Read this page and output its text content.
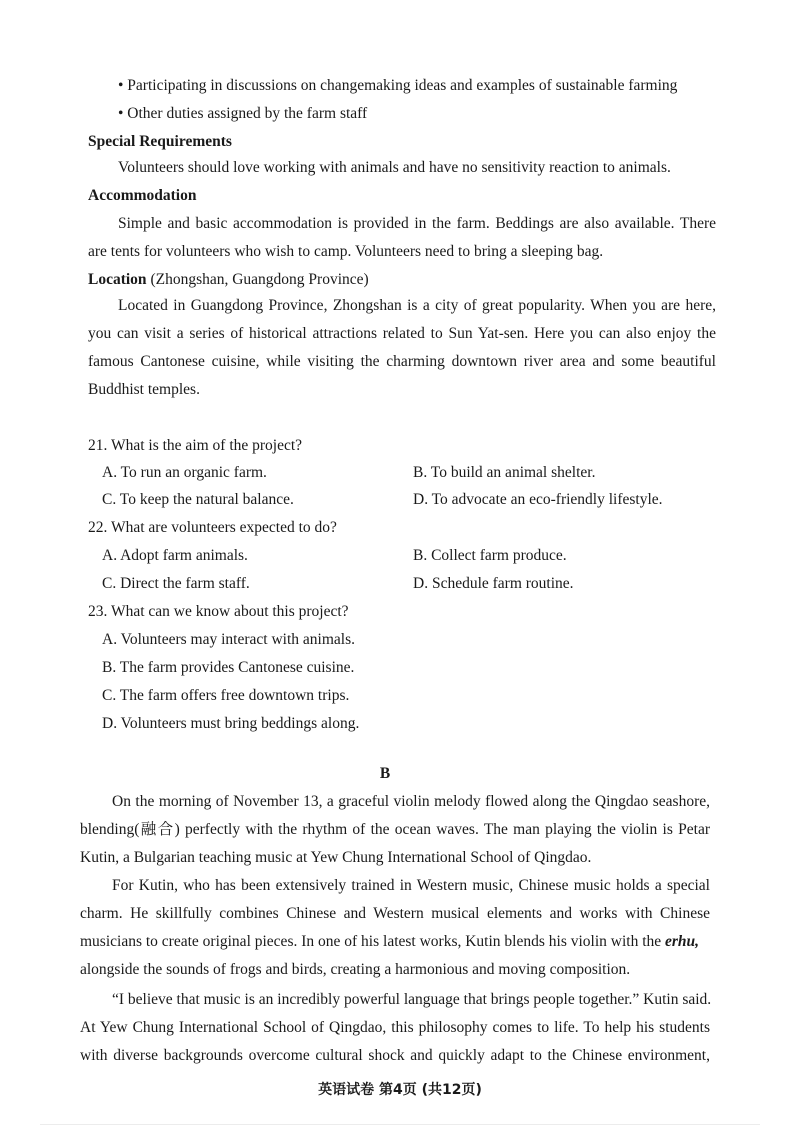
• Participating in discussions on changemaking ideas and examples of sustainable farming
• Other duties assigned by the farm staff
Special Requirements
Volunteers should love working with animals and have no sensitivity reaction to animals.
Accommodation
Simple and basic accommodation is provided in the farm. Beddings are also available. There
are tents for volunteers who wish to camp. Volunteers need to bring a sleeping bag.
Location (Zhongshan, Guangdong Province)
Located in Guangdong Province, Zhongshan is a city of great popularity. When you are here,
you can visit a series of historical attractions related to Sun Yat-sen. Here you can also enjoy the
famous Cantonese cuisine, while visiting the charming downtown river area and some beautiful
Buddhist temples.
21. What is the aim of the project?
A. To run an organic farm.	B. To build an animal shelter.
C. To keep the natural balance.	D. To advocate an eco-friendly lifestyle.
22. What are volunteers expected to do?
A. Adopt farm animals.	B. Collect farm produce.
C. Direct the farm staff.	D. Schedule farm routine.
23. What can we know about this project?
A. Volunteers may interact with animals.
B. The farm provides Cantonese cuisine.
C. The farm offers free downtown trips.
D. Volunteers must bring beddings along.
B
On the morning of November 13, a graceful violin melody flowed along the Qingdao seashore,
blending(融合) perfectly with the rhythm of the ocean waves. The man playing the violin is Petar
Kutin, a Bulgarian teaching music at Yew Chung International School of Qingdao.
For Kutin, who has been extensively trained in Western music, Chinese music holds a special
charm. He skillfully combines Chinese and Western musical elements and works with Chinese
musicians to create original pieces. In one of his latest works, Kutin blends his violin with the erhu,
alongside the sounds of frogs and birds, creating a harmonious and moving composition.
“I believe that music is an incredibly powerful language that brings people together.” Kutin said.
At Yew Chung International School of Qingdao, this philosophy comes to life. To help his students
with diverse backgrounds overcome cultural shock and quickly adapt to the Chinese environment,
英语试卷 第4页 (共12页)
